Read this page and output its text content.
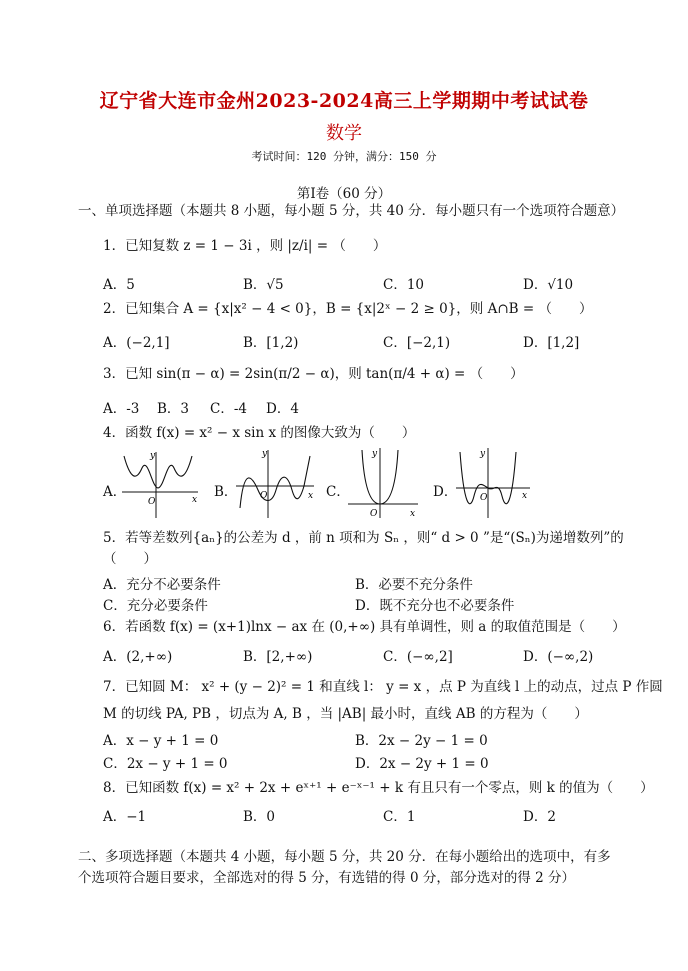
辽宁省大连市金州2023-2024高三上学期期中考试试卷
数学
考试时间：120 分钟，满分：150 分
第Ⅰ卷（60 分）
一、单项选择题（本题共 8 小题，每小题 5 分，共 40 分．每小题只有一个选项符合题意）
1．已知复数 z = 1 − 3i ，则 |z/i| = （　　）
A．5	B．√5	C．10	D．√10
2．已知集合 A = {x|x² − 4 < 0}，B = {x|2ˣ − 2 ≥ 0}，则 A∩B = （　　）
A．(−2,1]	B．[1,2)	C．[−2,1)	D．[1,2]
3．已知 sin(π − α) = 2sin(π/2 − α)，则 tan(π/4 + α) = （　　）
A．-3 B．3 C．-4 D．4
4．函数 f(x) = x² − x sin x 的图像大致为（　　）
A．
y
x
O
B．
y
x
O	C．
y
x
O
D．
y
x
O
5．若等差数列{aₙ}的公差为 d ，前 n 项和为 Sₙ ，则“ d > 0 ”是“(Sₙ)为递增数列”的
（　　）
A．充分不必要条件	B．必要不充分条件
C．充分必要条件	D．既不充分也不必要条件
6．若函数 f(x) = (x+1)lnx − ax 在 (0,+∞) 具有单调性，则 a 的取值范围是（　　）
A．(2,+∞)	B．[2,+∞)	C．(−∞,2]	D．(−∞,2)
7．已知圆 M： x² + (y − 2)² = 1 和直线 l： y = x ，点 P 为直线 l 上的动点，过点 P 作圆
M 的切线 PA, PB ，切点为 A, B ，当 |AB| 最小时，直线 AB 的方程为（　　）
A．x − y + 1 = 0	B．2x − 2y − 1 = 0
C．2x − y + 1 = 0	D．2x − 2y + 1 = 0
8．已知函数 f(x) = x² + 2x + eˣ⁺¹ + e⁻ˣ⁻¹ + k 有且只有一个零点，则 k 的值为（　　）
A．−1	B．0	C．1	D．2
二、多项选择题（本题共 4 小题，每小题 5 分，共 20 分．在每小题给出的选项中，有多
个选项符合题目要求，全部选对的得 5 分，有选错的得 0 分，部分选对的得 2 分）
